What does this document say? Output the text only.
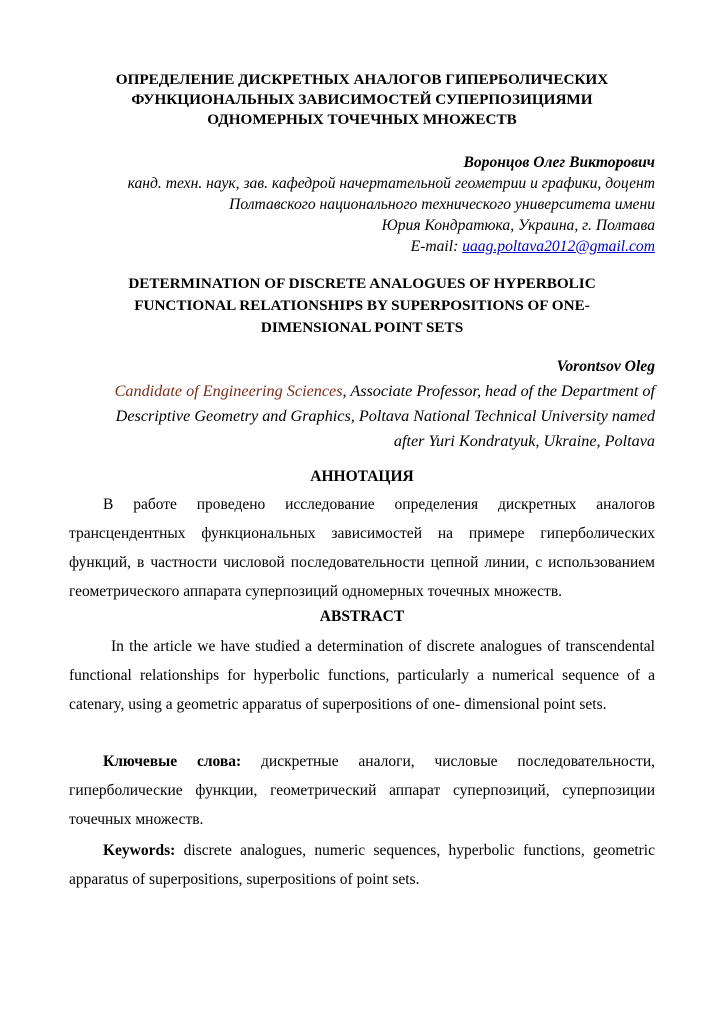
ОПРЕДЕЛЕНИЕ ДИСКРЕТНЫХ АНАЛОГОВ ГИПЕРБОЛИЧЕСКИХ
ФУНКЦИОНАЛЬНЫХ ЗАВИСИМОСТЕЙ СУПЕРПОЗИЦИЯМИ
ОДНОМЕРНЫХ ТОЧЕЧНЫХ МНОЖЕСТВ
Воронцов Олег Викторович
канд. техн. наук, зав. кафедрой начертательной геометрии и графики, доцент
Полтавского национального технического университета имени
Юрия Кондратюка, Украина, г. Полтава
E-mail: uaag.poltava2012@gmail.com
DETERMINATION OF DISCRETE ANALOGUES OF HYPERBOLIC
FUNCTIONAL RELATIONSHIPS BY SUPERPOSITIONS OF ONE-
DIMENSIONAL POINT SETS
Vorontsov Oleg
Candidate of Engineering Sciences, Associate Professor, head of the Department of
Descriptive Geometry and Graphics, Poltava National Technical University named
after Yuri Kondratyuk, Ukraine, Poltava
АННОТАЦИЯ

В работе проведено исследование определения дискретных аналогов трансцендентных функциональных зависимостей на примере гиперболических функций, в частности числовой последовательности цепной линии, с использованием геометрического аппарата суперпозиций одномерных точечных множеств.

ABSTRACT

In the article we have studied a determination of discrete analogues of transcendental functional relationships for hyperbolic functions, particularly a numerical sequence of a catenary, using a geometric apparatus of superpositions of one- dimensional point sets.

Ключевые слова: дискретные аналоги, числовые последовательности, гиперболические функции, геометрический аппарат суперпозиций, суперпозиции точечных множеств.

Keywords: discrete analogues, numeric sequences, hyperbolic functions, geometric apparatus of superpositions, superpositions of point sets.
